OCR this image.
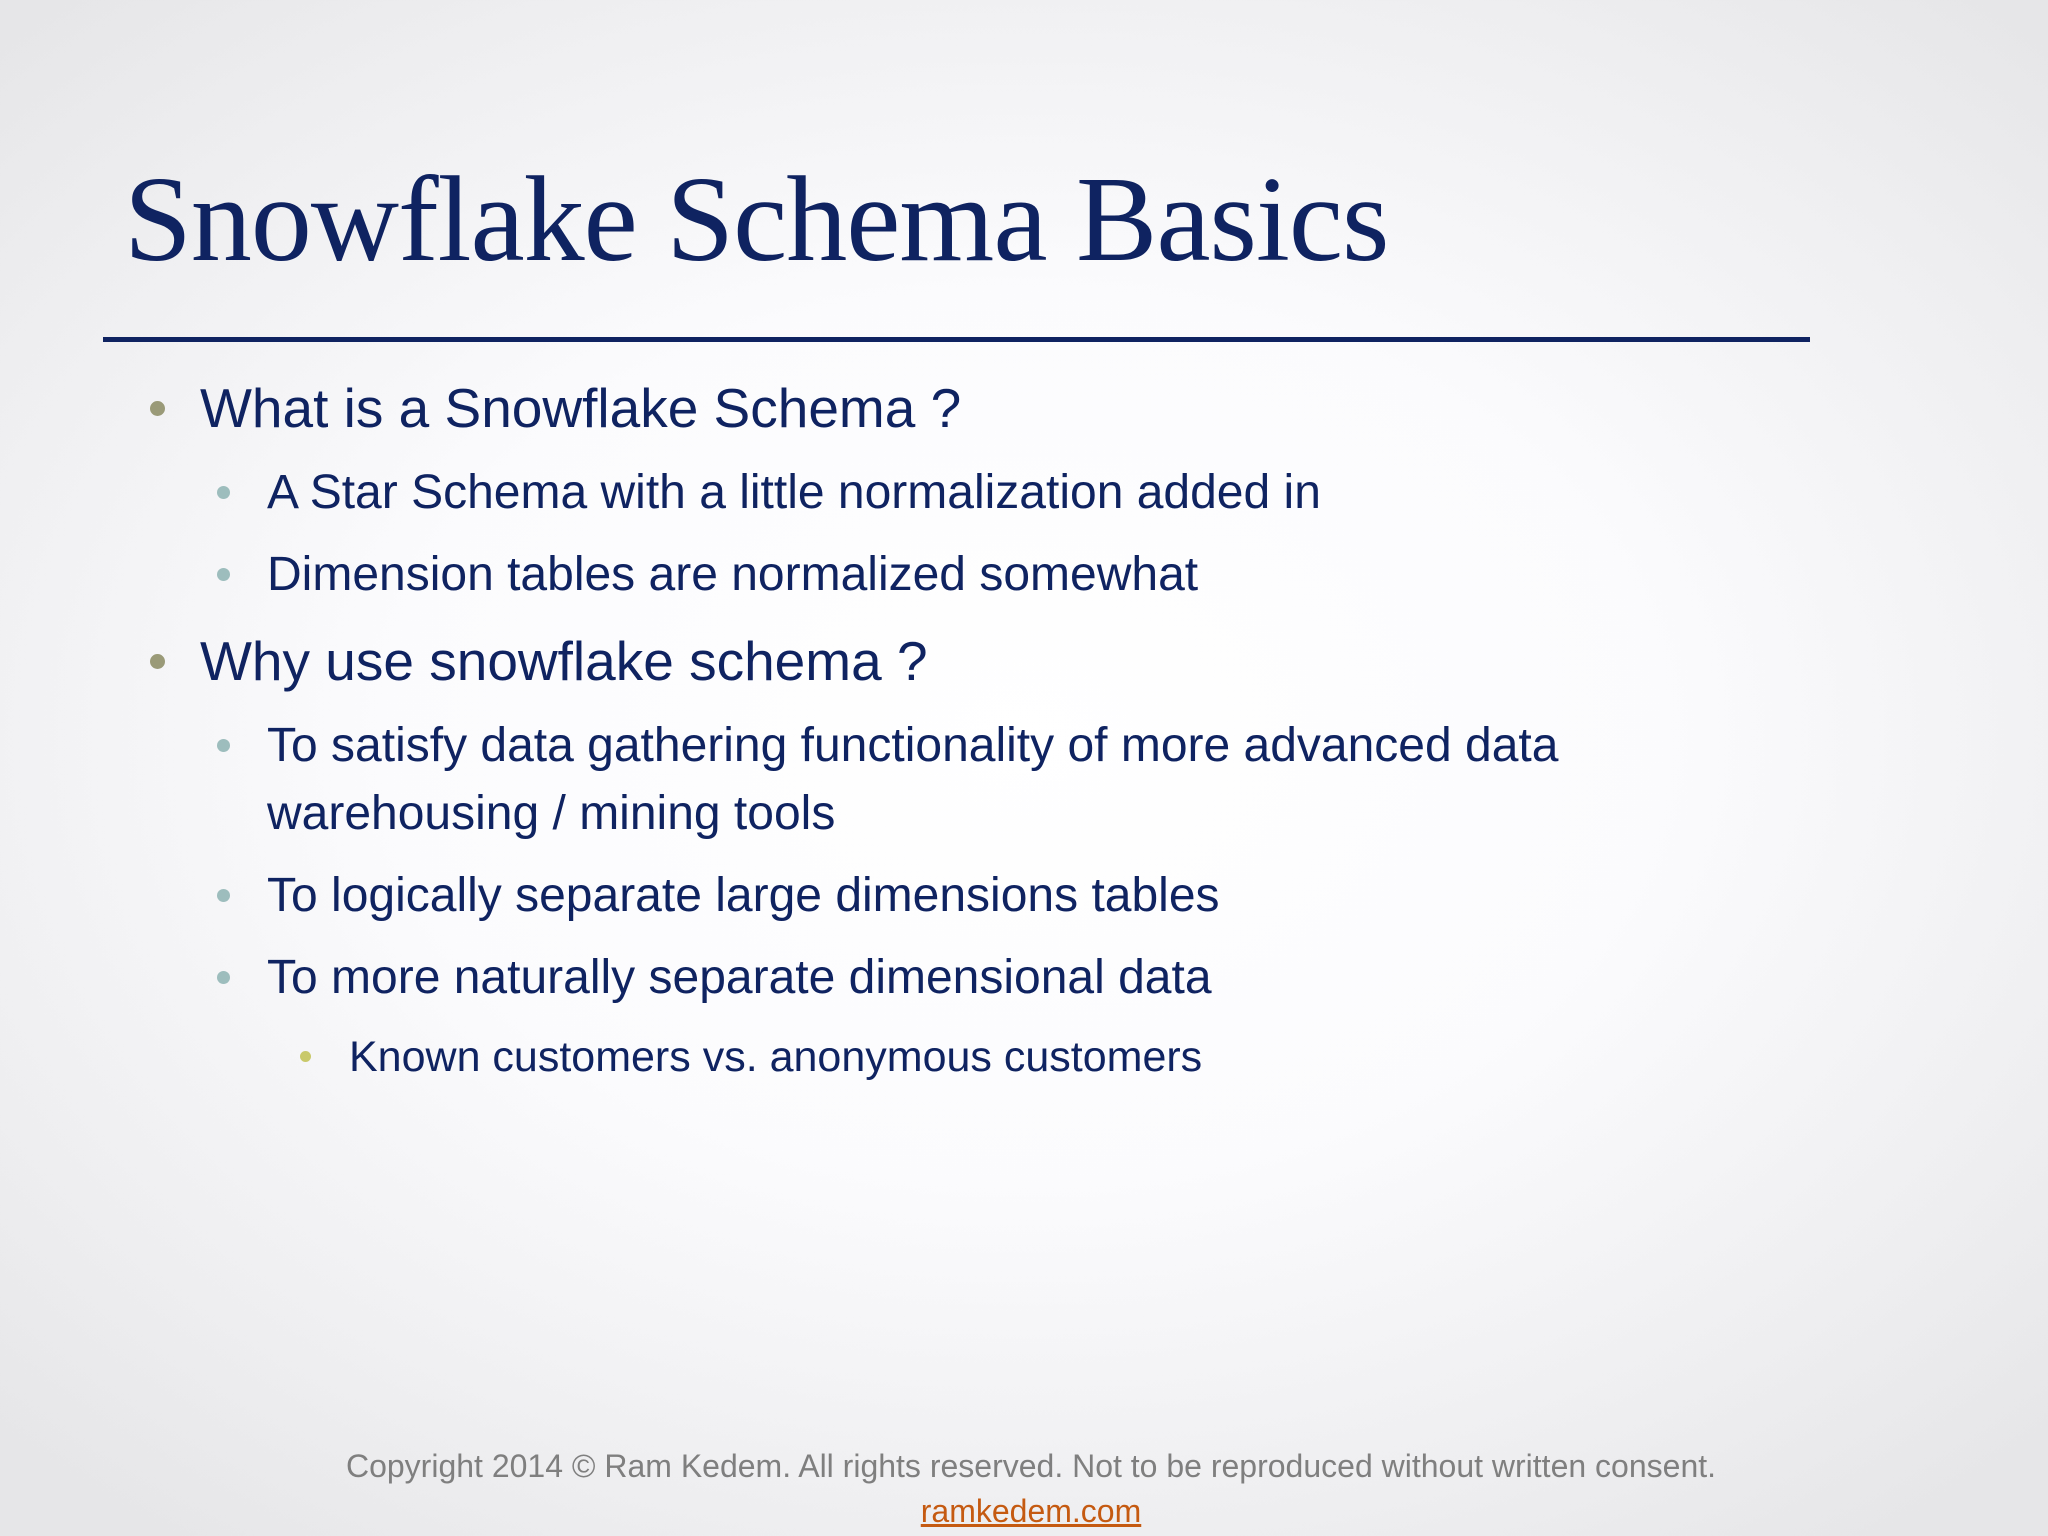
Snowflake Schema Basics
What is a Snowflake Schema ?
A Star Schema with a little normalization added in
Dimension tables are normalized somewhat
Why use snowflake schema ?
To satisfy data gathering functionality of more advanced data
warehousing / mining tools
To logically separate large dimensions tables
To more naturally separate dimensional data
Known customers vs. anonymous customers
Copyright 2014 © Ram Kedem. All rights reserved. Not to be reproduced without written consent.
ramkedem.com
